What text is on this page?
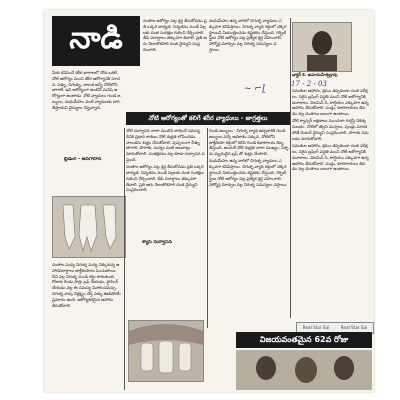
నాడి

దంతాల ఆరోగ్యం పట్ల శ్రద్ధ తీసుకోవడం ప్రతి ఒక్కరి బాధ్యత. చిన్నతనం నుండే పిల్లలకు దంత సంరక్షణ గురించి నేర్పించాలి. తీపి పదార్థాలు తక్కువగా తినాలి. ప్రతి ఆరు నెలలకొకసారి దంత వైద్యుని సంప్రదించాలి.

మధుమేహం ఉన్న వారిలో చిగుళ్ళ వ్యాధులు ఎక్కువగా కనిపిస్తాయి. చిగుళ్ళ వ్యాధి రక్తంలో చక్కెర స్థాయిని నియంత్రించడం కష్టతరం చేస్తుంది. గర్భిణీ స్త్రీలు నోటి ఆరోగ్యం పట్ల ప్రత్యేక శ్రద్ధ వహించాలి. హార్మోన్ల మార్పుల వల్ల చిగుళ్ళ సమస్యలు వస్తాయి.

డాక్టర్ కె. ఉమామహేశ్వర్రావు
17 - 2 - 03
~ ⌐ɭ

మీకు కనిపించే శరీర భాగాలలో నోరు ఒకటి. నోటి ఆరోగ్యం మంచి శరీర ఆరోగ్యానికి సూచన. పళ్ళు, చిగుళ్ళు, నాలుక అన్నీ నోటిలోని భాగాలే. ఇవి ఆరోగ్యంగా ఉంటేనే మనిషి ఆరోగ్యంగా ఉంటాడు. నోటి వ్యాధులు గుండె జబ్బులు, మధుమేహం వంటి వ్యాధులకు దారి తీస్తాయని వైద్యులు చెప్తున్నారు.

బ్లీడింగ్ - అవగాహన
నోటి ఆరోగ్యంతో కలిగే శరీర వ్యాధులు - జాగ్రత్తలు

నోటి దుర్వాసన చాలా మందిని బాధించే సమస్య. దీనికి ప్రధాన కారణం నోటి శుభ్రత లోపించడం. నాలుకను శుభ్రం చేసుకోవాలి. పుష్కలంగా నీళ్ళు తాగాలి. పొగాకు, మద్యం వంటి అలవాట్లు మానుకోవాలి. దంతక్షయం వల్ల కూడా దుర్వాసన వస్తుంది.

దంతాల ఆరోగ్యం పట్ల శ్రద్ధ తీసుకోవడం ప్రతి ఒక్కరి బాధ్యత. చిన్నతనం నుండే పిల్లలకు దంత సంరక్షణ గురించి నేర్పించాలి. తీపి పదార్థాలు తక్కువగా తినాలి. ప్రతి ఆరు నెలలకొకసారి దంత వైద్యుని సంప్రదించాలి.

గుండె జబ్బులు - చిగుళ్ళ వ్యాధి ఉన్నవారికి గుండె జబ్బులు వచ్చే అవకాశం ఎక్కువ. నోటిలోని బాక్టీరియా రక్తంలో కలిసి గుండె కవాటాలను దెబ్బతీస్తుంది. అందుకే నోటి శుభ్రత చాలా ముఖ్యం. పళ్ళను మృదువైన బ్రష్ తో శుభ్రం చేయాలి.

మధుమేహం ఉన్న వారిలో చిగుళ్ళ వ్యాధులు ఎక్కువగా కనిపిస్తాయి. చిగుళ్ళ వ్యాధి రక్తంలో చక్కెర స్థాయిని నియంత్రించడం కష్టతరం చేస్తుంది. గర్భిణీ స్త్రీలు నోటి ఆరోగ్యం పట్ల ప్రత్యేక శ్రద్ధ వహించాలి. హార్మోన్ల మార్పుల వల్ల చిగుళ్ళ సమస్యలు వస్తాయి.

సమతుల ఆహారం, క్రమం తప్పకుండా దంత పరీక్షలు, సరైన బ్రషింగ్ పద్ధతి మంచి నోటి ఆరోగ్యానికి మూలాలు. విటమిన్ సి, కాల్షియం ఎక్కువగా ఉన్న ఆహారం తీసుకోవాలి. పండ్లు, కూరగాయలు తినడం వల్ల దంతాలు బలంగా ఉంటాయి.

నోటి క్యాన్సర్ లక్షణాలు ముందుగా గుర్తిస్తే చికిత్స సులభం. నోటిలో తెల్లని మచ్చలు, పుండ్లు మానకపోతే వెంటనే వైద్యుని సంప్రదించాలి. పొగాకు నమలడం మానుకోవాలి.

సమతుల ఆహారం, క్రమం తప్పకుండా దంత పరీక్షలు, సరైన బ్రషింగ్ పద్ధతి మంచి నోటి ఆరోగ్యానికి మూలాలు. విటమిన్ సి, కాల్షియం ఎక్కువగా ఉన్న ఆహారం తీసుకోవాలి. పండ్లు, కూరగాయలు తినడం వల్ల దంతాలు బలంగా ఉంటాయి.

దంతాల మధ్య చిగుళ్ళ మధ్య చిక్కుకున్న ఆహారపదార్థాలు బాక్టీరియాను పెంచుతాయి. దీని వల్ల చిగుళ్ళ నుండి రక్తం కారుతుంది. రోజుకు రెండు సార్లు బ్రష్ చేయడం, ఫ్లాసింగ్ చేయడం వల్ల ఈ సమస్య నివారించవచ్చు. చిగుళ్ళ వాపు నిర్లక్ష్యం చేస్తే పళ్ళు ఊడిపోయే ప్రమాదం ఉంది. ఆరోగ్యకరమైన ఆహారం తీసుకోవాలి.

శ్యాస దుర్వాసన
Real Star Sai	Real Star Sai
విజయవంతమైన 62వ రోజు
